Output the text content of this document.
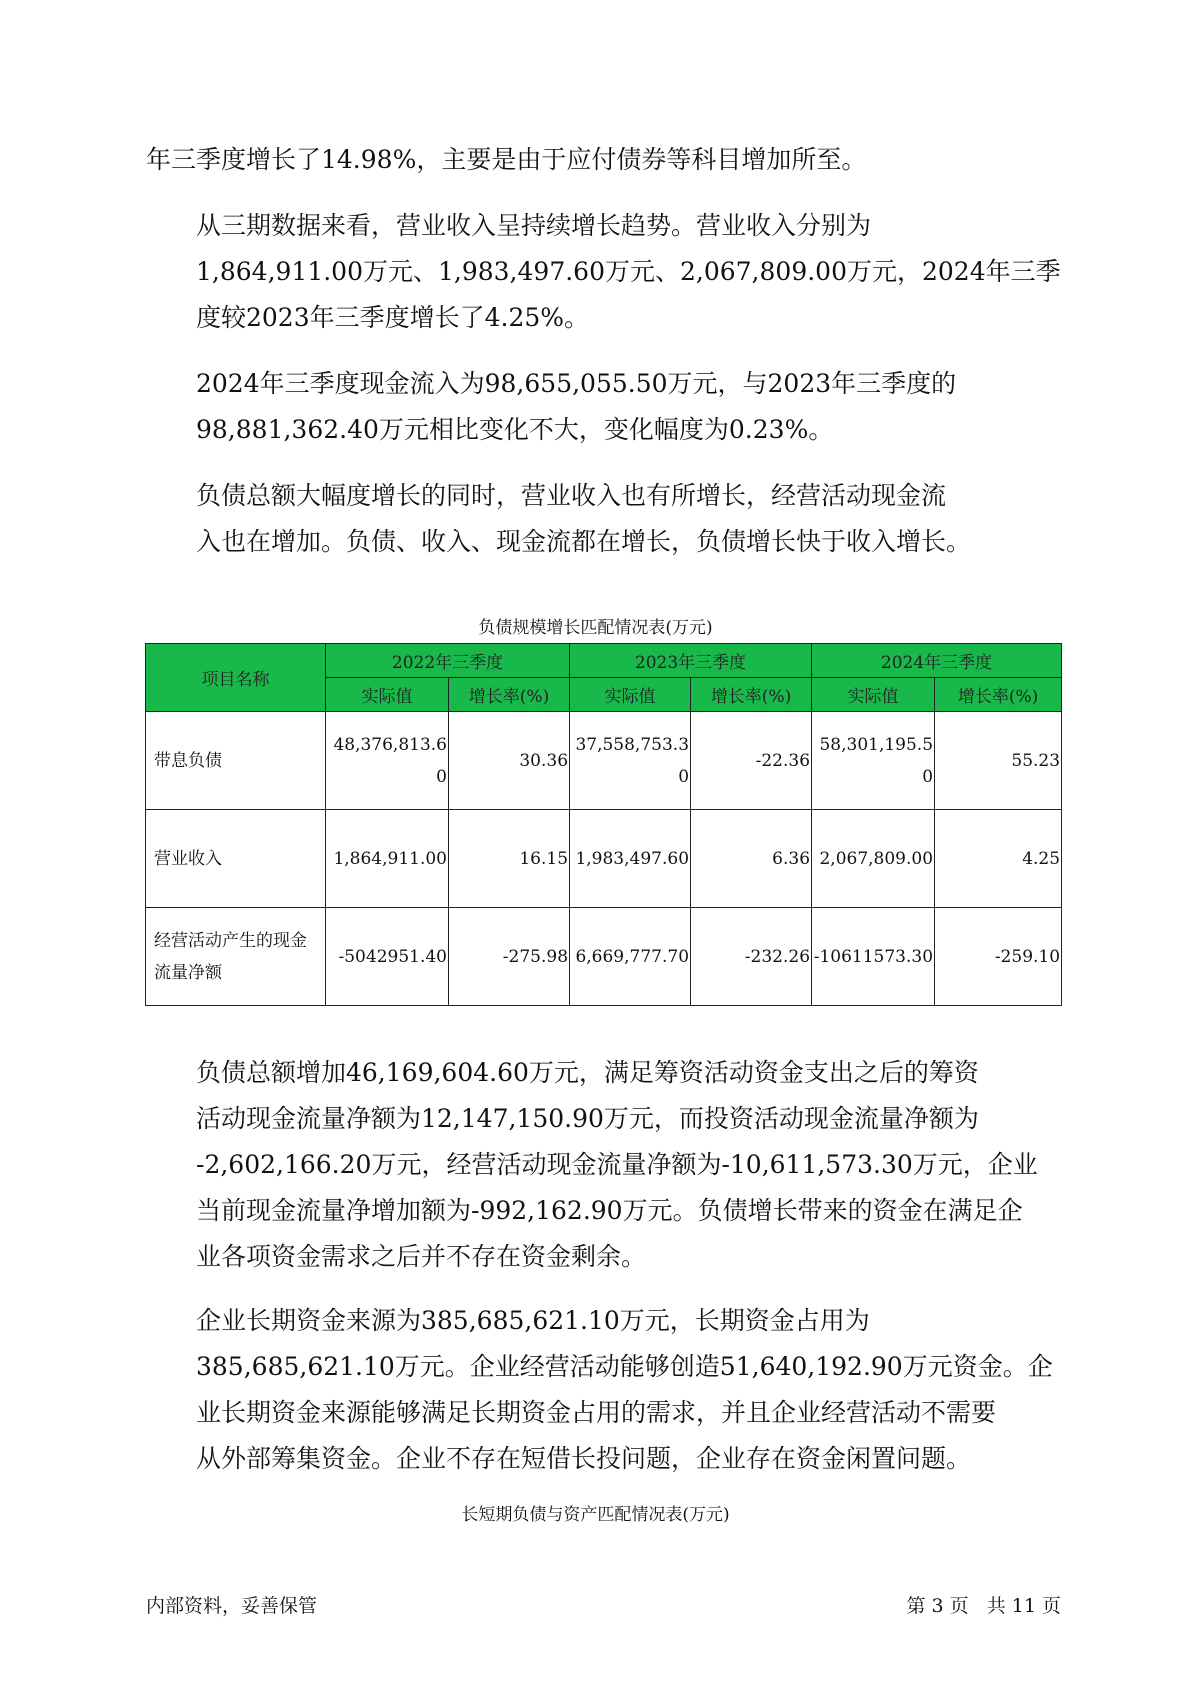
年三季度增长了14.98%，主要是由于应付债券等科目增加所至。

从三期数据来看，营业收入呈持续增长趋势。营业收入分别为
1,864,911.00万元、1,983,497.60万元、2,067,809.00万元，2024年三季
度较2023年三季度增长了4.25%。

2024年三季度现金流入为98,655,055.50万元，与2023年三季度的
98,881,362.40万元相比变化不大，变化幅度为0.23%。

负债总额大幅度增长的同时，营业收入也有所增长，经营活动现金流
入也在增加。负债、收入、现金流都在增长，负债增长快于收入增长。

负债规模增长匹配情况表(万元)
项目名称	2022年三季度		2023年三季度		2024年三季度	
	实际值	增长率(%)	实际值	增长率(%)	实际值	增长率(%)
带息负债	48,376,813.60	30.36	37,558,753.30	-22.36	58,301,195.50	55.23
营业收入	1,864,911.00	16.15	1,983,497.60	6.36	2,067,809.00	4.25
经营活动产生的现金流量净额	-5042951.40	-275.98	6,669,777.70	-232.26	-10611573.30	-259.10

负债总额增加46,169,604.60万元，满足筹资活动资金支出之后的筹资
活动现金流量净额为12,147,150.90万元，而投资活动现金流量净额为
-2,602,166.20万元，经营活动现金流量净额为-10,611,573.30万元，企业
当前现金流量净增加额为-992,162.90万元。负债增长带来的资金在满足企
业各项资金需求之后并不存在资金剩余。

企业长期资金来源为385,685,621.10万元，长期资金占用为
385,685,621.10万元。企业经营活动能够创造51,640,192.90万元资金。企
业长期资金来源能够满足长期资金占用的需求，并且企业经营活动不需要
从外部筹集资金。企业不存在短借长投问题，企业存在资金闲置问题。

长短期负债与资产匹配情况表(万元)
内部资料，妥善保管	第 3 页   共 11 页
